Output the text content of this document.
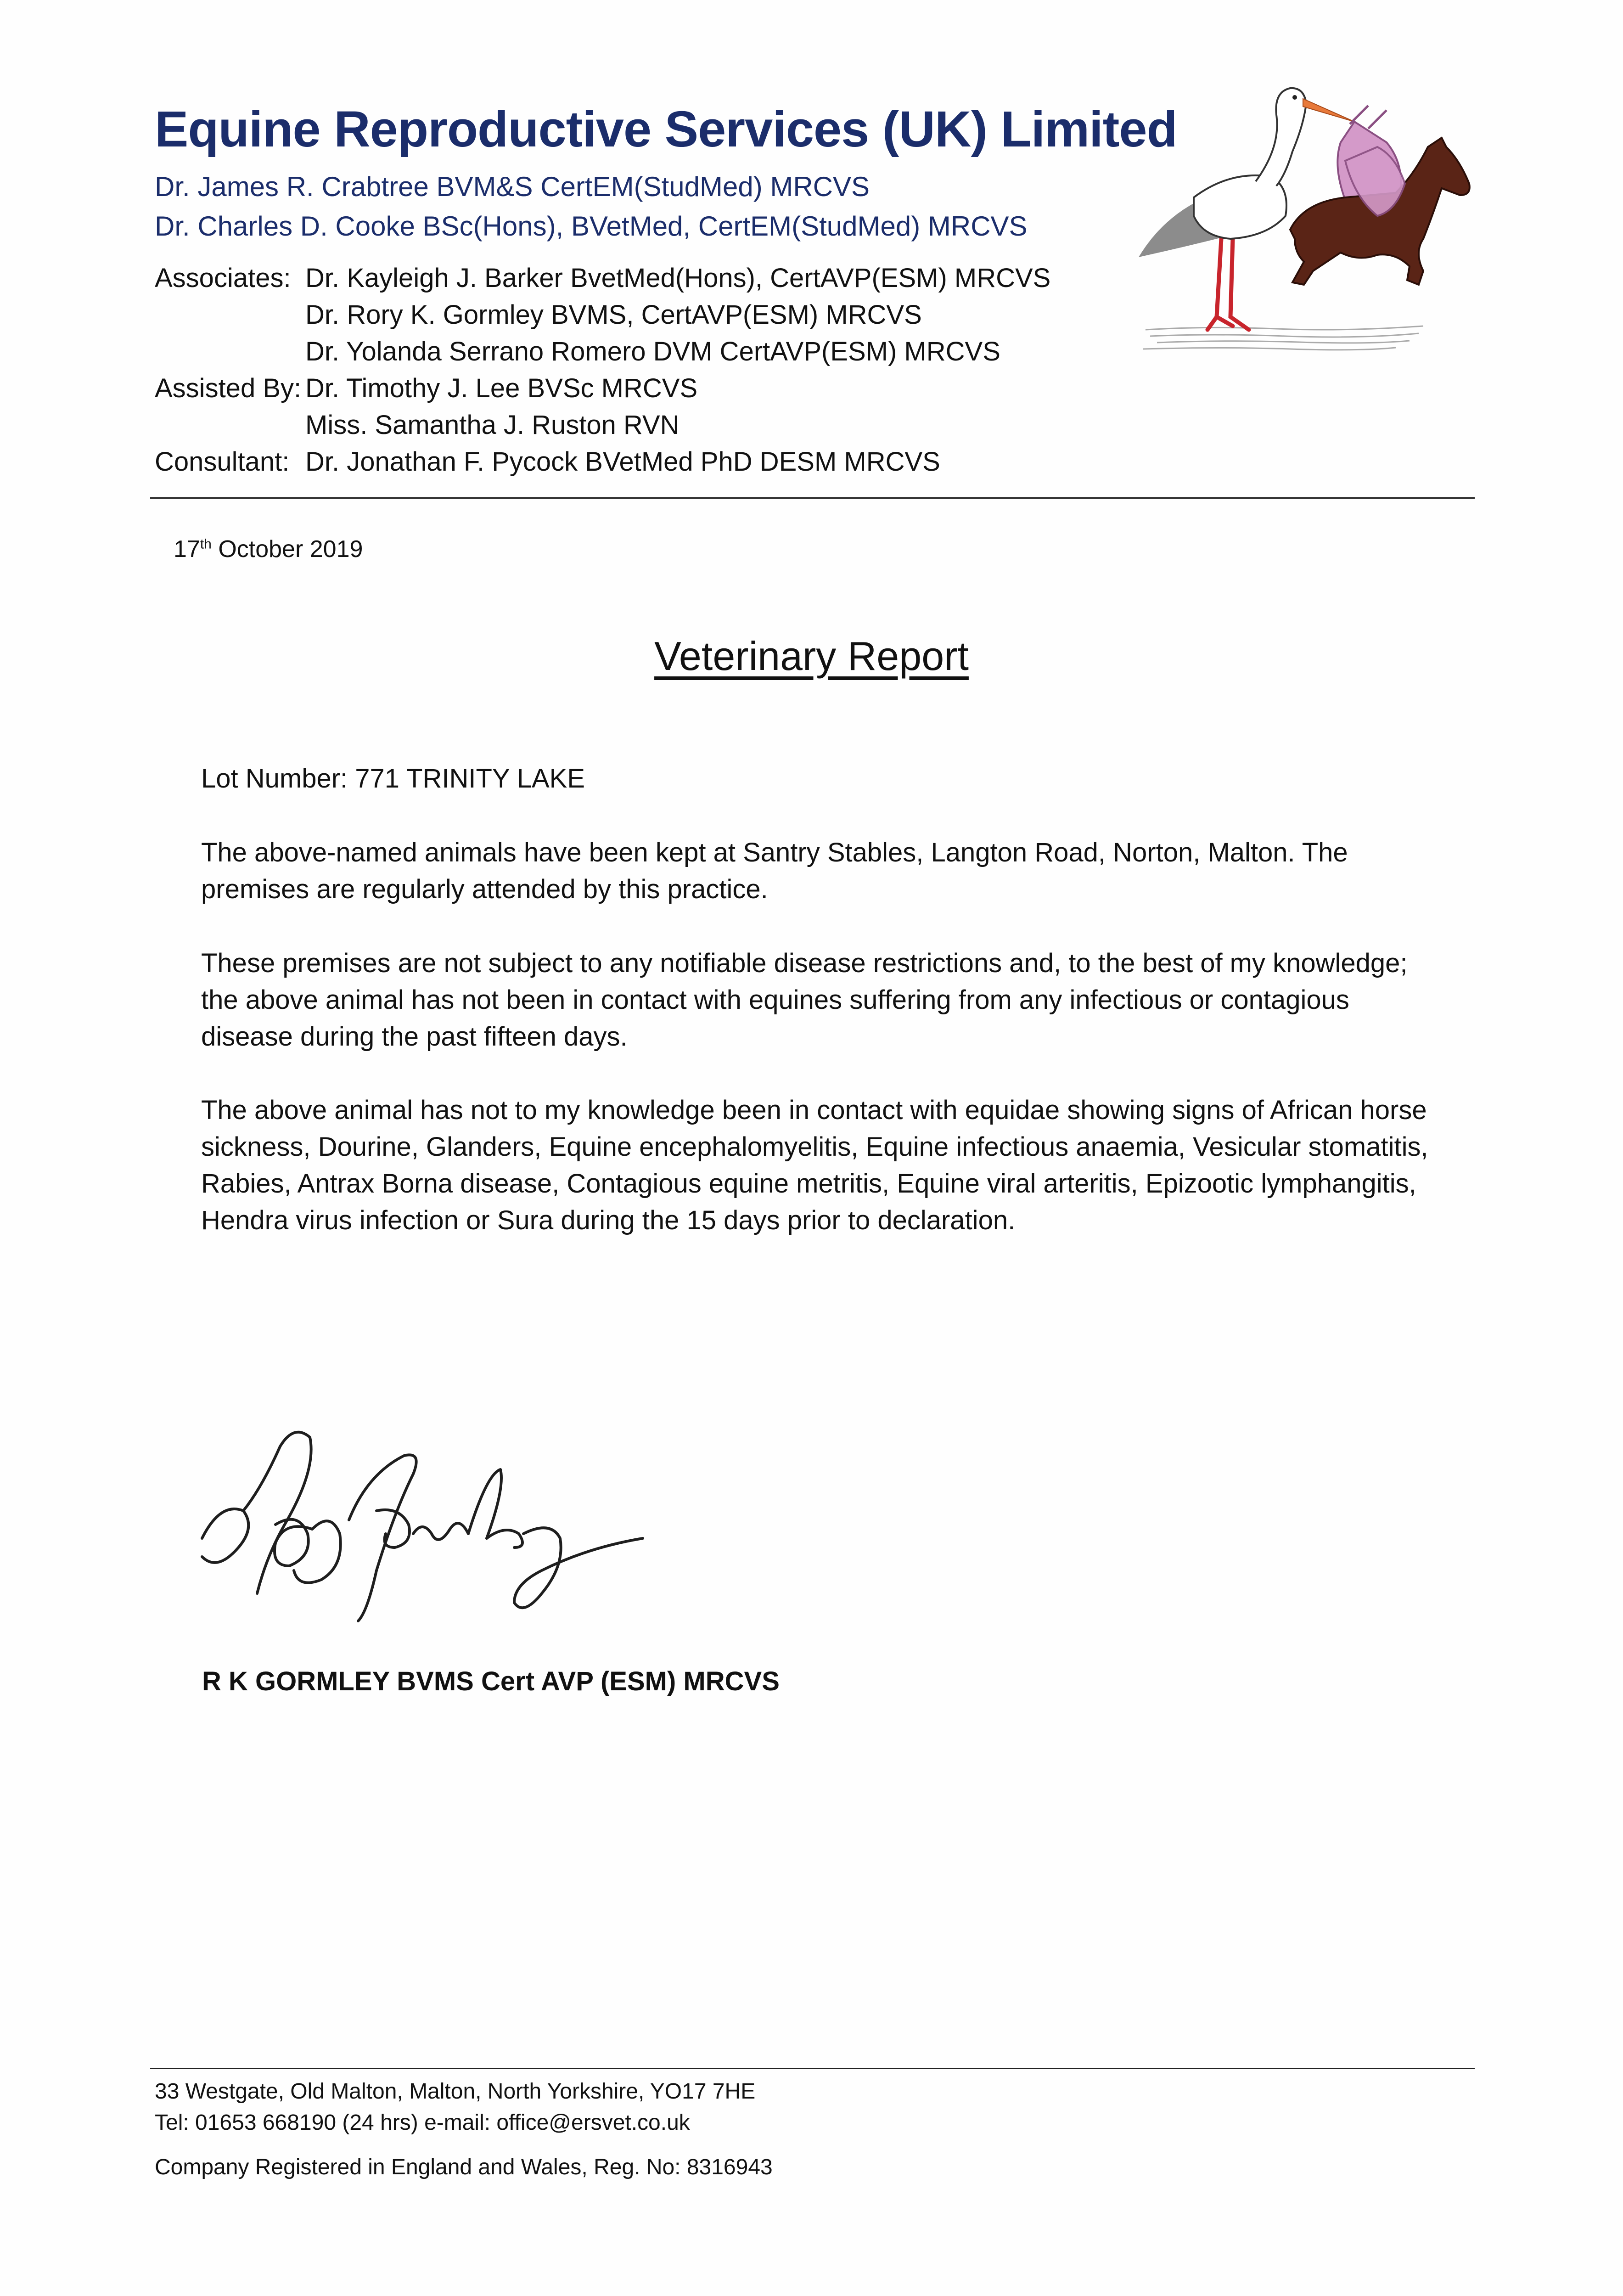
Equine Reproductive Services (UK) Limited
Dr. James R. Crabtree BVM&S CertEM(StudMed) MRCVS
Dr. Charles D. Cooke BSc(Hons), BVetMed, CertEM(StudMed) MRCVS
Associates: Dr. Kayleigh J. Barker BvetMed(Hons), CertAVP(ESM) MRCVS
Dr. Rory K. Gormley BVMS, CertAVP(ESM) MRCVS
Dr. Yolanda Serrano Romero DVM CertAVP(ESM) MRCVS
Assisted By: Dr. Timothy J. Lee BVSc MRCVS
Miss. Samantha J. Ruston RVN
Consultant: Dr. Jonathan F. Pycock BVetMed PhD DESM MRCVS
17th October 2019
Veterinary Report
Lot Number: 771 TRINITY LAKE
The above-named animals have been kept at Santry Stables, Langton Road, Norton, Malton. The premises are regularly attended by this practice.
These premises are not subject to any notifiable disease restrictions and, to the best of my knowledge; the above animal has not been in contact with equines suffering from any infectious or contagious disease during the past fifteen days.
The above animal has not to my knowledge been in contact with equidae showing signs of African horse sickness, Dourine, Glanders, Equine encephalomyelitis, Equine infectious anaemia, Vesicular stomatitis, Rabies, Antrax Borna disease, Contagious equine metritis, Equine viral arteritis, Epizootic lymphangitis, Hendra virus infection or Sura during the 15 days prior to declaration.
R K GORMLEY BVMS Cert AVP (ESM) MRCVS
33 Westgate, Old Malton, Malton, North Yorkshire, YO17 7HE
Tel: 01653 668190 (24 hrs) e-mail: office@ersvet.co.uk
Company Registered in England and Wales, Reg. No: 8316943
